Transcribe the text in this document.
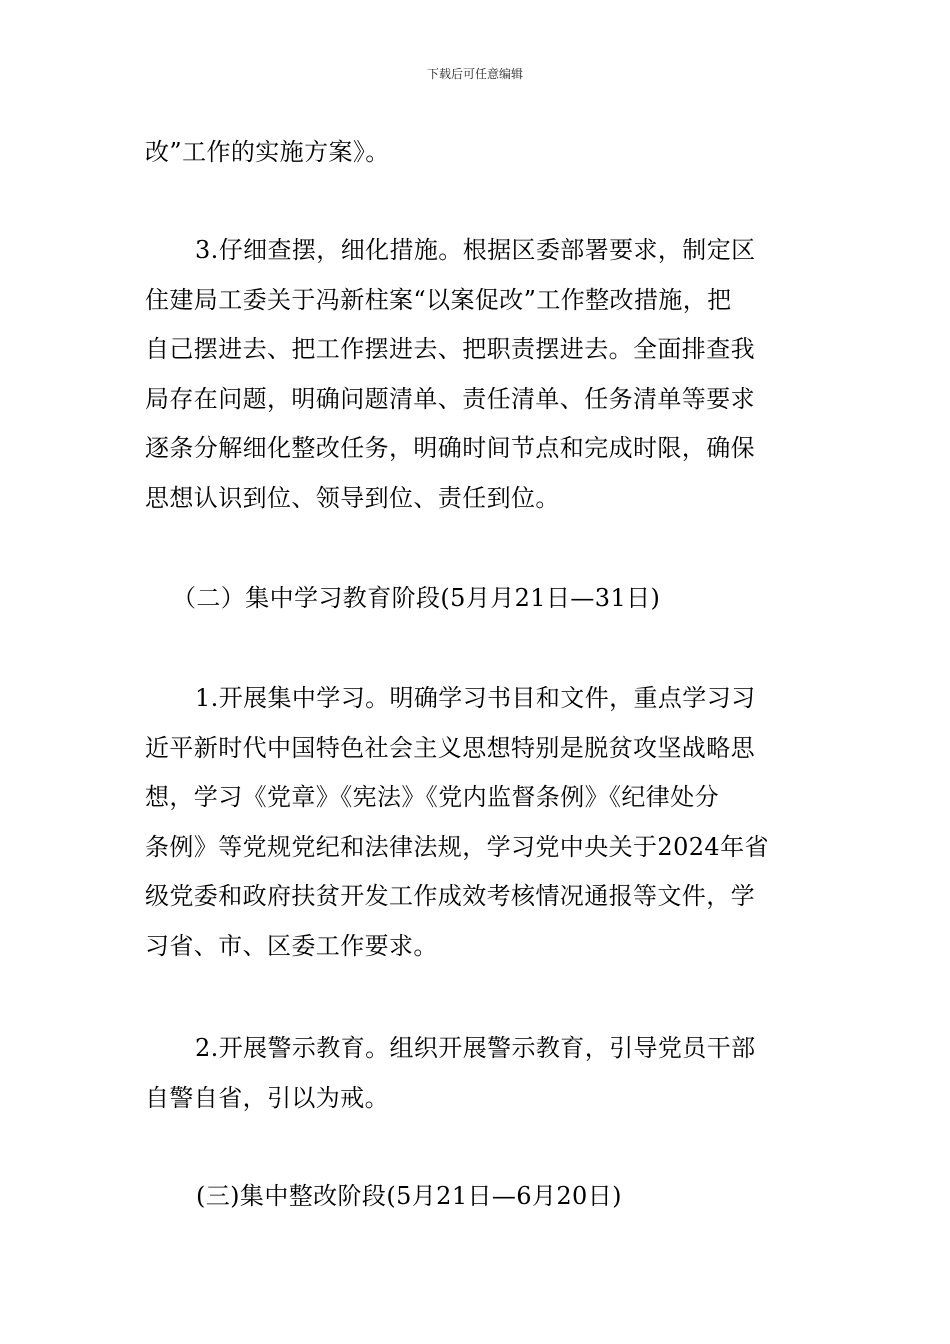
下载后可任意编辑
改”工作的实施方案》。
3.仔细查摆，细化措施。根据区委部署要求，制定区
住建局工委关于冯新柱案“以案促改”工作整改措施，把
自己摆进去、把工作摆进去、把职责摆进去。全面排查我
局存在问题，明确问题清单、责任清单、任务清单等要求
逐条分解细化整改任务，明确时间节点和完成时限，确保
思想认识到位、领导到位、责任到位。
（二）集中学习教育阶段(5月月21日—31日)
1.开展集中学习。明确学习书目和文件，重点学习习
近平新时代中国特色社会主义思想特别是脱贫攻坚战略思
想，学习《党章》《宪法》《党内监督条例》《纪律处分
条例》等党规党纪和法律法规，学习党中央关于2024年省
级党委和政府扶贫开发工作成效考核情况通报等文件，学
习省、市、区委工作要求。
2.开展警示教育。组织开展警示教育，引导党员干部
自警自省，引以为戒。
(三)集中整改阶段(5月21日—6月20日)
